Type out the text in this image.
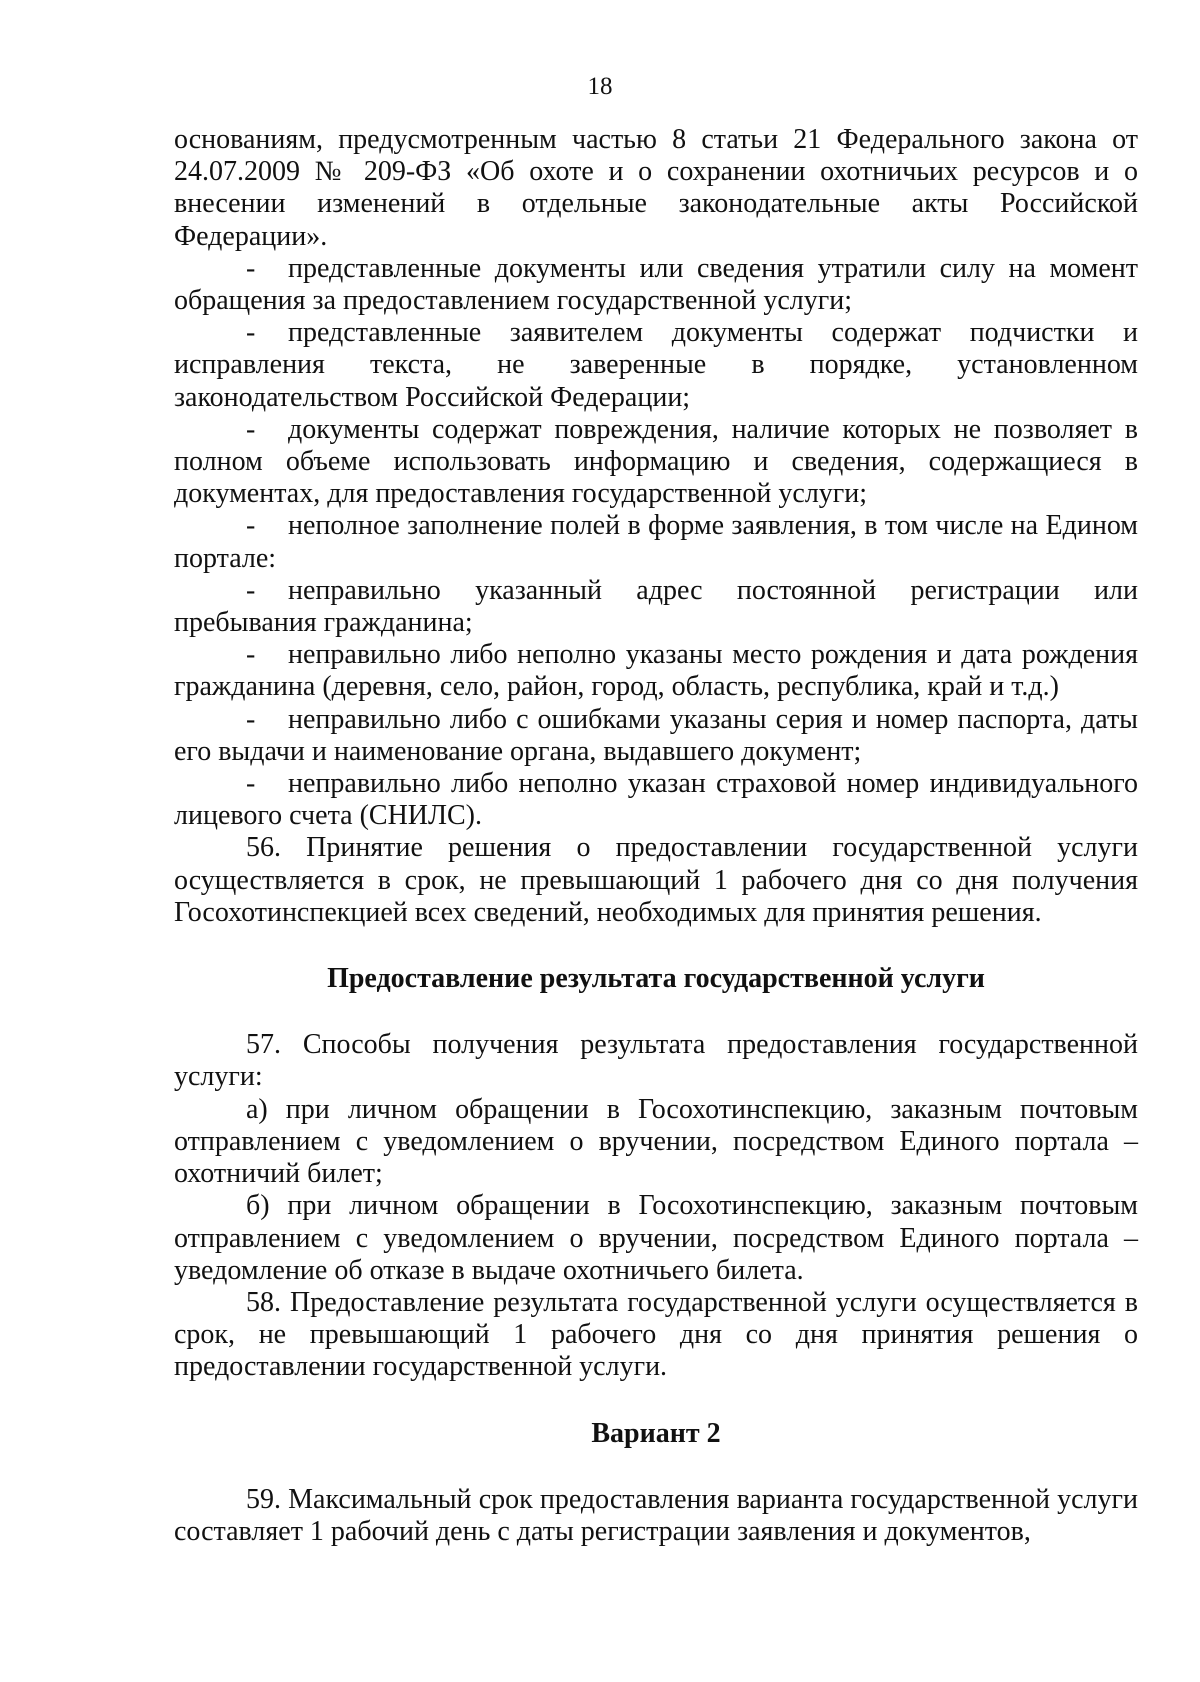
18

основаниям, предусмотренным частью 8 статьи 21 Федерального закона от 24.07.2009 № 209-ФЗ «Об охоте и о сохранении охотничьих ресурсов и о внесении изменений в отдельные законодательные акты Российской Федерации».

- представленные документы или сведения утратили силу на момент обращения за предоставлением государственной услуги;

- представленные заявителем документы содержат подчистки и исправления текста, не заверенные в порядке, установленном законодательством Российской Федерации;

- документы содержат повреждения, наличие которых не позволяет в полном объеме использовать информацию и сведения, содержащиеся в документах, для предоставления государственной услуги;

- неполное заполнение полей в форме заявления, в том числе на Едином портале:

- неправильно указанный адрес постоянной регистрации или пребывания гражданина;

- неправильно либо неполно указаны место рождения и дата рождения гражданина (деревня, село, район, город, область, республика, край и т.д.)

- неправильно либо с ошибками указаны серия и номер паспорта, даты его выдачи и наименование органа, выдавшего документ;

- неправильно либо неполно указан страховой номер индивидуального лицевого счета (СНИЛС).

56. Принятие решения о предоставлении государственной услуги осуществляется в срок, не превышающий 1 рабочего дня со дня получения Госохотинспекцией всех сведений, необходимых для принятия решения.

Предоставление результата государственной услуги

57. Способы получения результата предоставления государственной услуги:

а) при личном обращении в Госохотинспекцию, заказным почтовым отправлением с уведомлением о вручении, посредством Единого портала – охотничий билет;

б) при личном обращении в Госохотинспекцию, заказным почтовым отправлением с уведомлением о вручении, посредством Единого портала – уведомление об отказе в выдаче охотничьего билета.

58. Предоставление результата государственной услуги осуществляется в срок, не превышающий 1 рабочего дня со дня принятия решения о предоставлении государственной услуги.

Вариант 2

59. Максимальный срок предоставления варианта государственной услуги составляет 1 рабочий день с даты регистрации заявления и документов,
